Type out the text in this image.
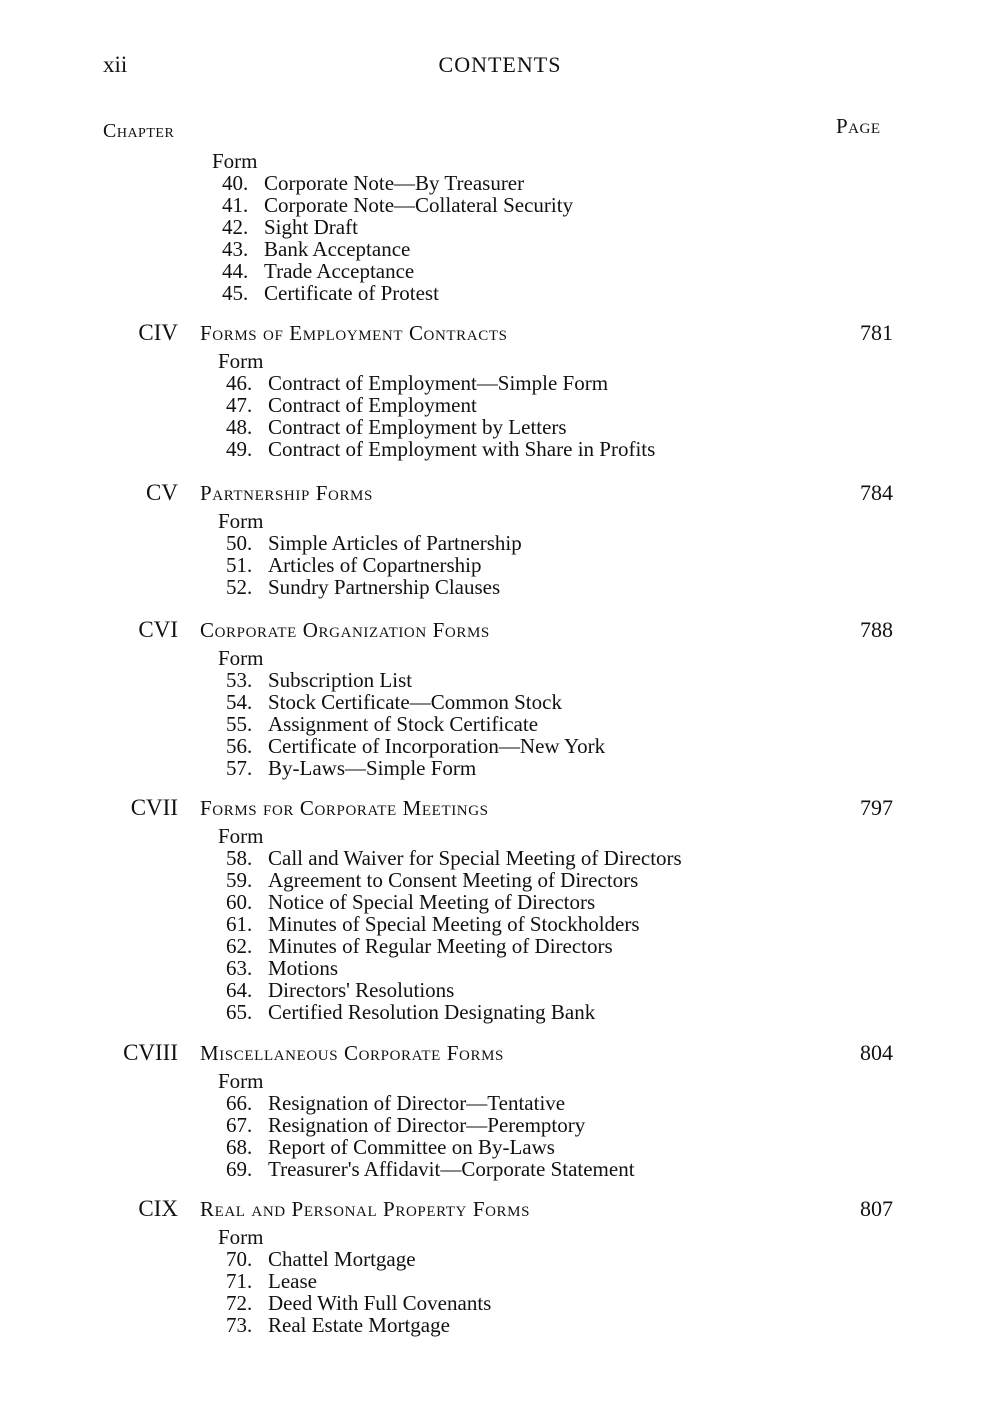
xii	CONTENTS
Chapter	Page
Form
40. Corporate Note—By Treasurer
41. Corporate Note—Collateral Security
42. Sight Draft
43. Bank Acceptance
44. Trade Acceptance
45. Certificate of Protest
CIV Forms of Employment Contracts	781
Form
46. Contract of Employment—Simple Form
47. Contract of Employment
48. Contract of Employment by Letters
49. Contract of Employment with Share in Profits
CV Partnership Forms	784
Form
50. Simple Articles of Partnership
51. Articles of Copartnership
52. Sundry Partnership Clauses
CVI Corporate Organization Forms	788
Form
53. Subscription List
54. Stock Certificate—Common Stock
55. Assignment of Stock Certificate
56. Certificate of Incorporation—New York
57. By-Laws—Simple Form
CVII Forms for Corporate Meetings	797
Form
58. Call and Waiver for Special Meeting of Directors
59. Agreement to Consent Meeting of Directors
60. Notice of Special Meeting of Directors
61. Minutes of Special Meeting of Stockholders
62. Minutes of Regular Meeting of Directors
63. Motions
64. Directors' Resolutions
65. Certified Resolution Designating Bank
CVIII Miscellaneous Corporate Forms	804
Form
66. Resignation of Director—Tentative
67. Resignation of Director—Peremptory
68. Report of Committee on By-Laws
69. Treasurer's Affidavit—Corporate Statement
CIX Real and Personal Property Forms	807
Form
70. Chattel Mortgage
71. Lease
72. Deed With Full Covenants
73. Real Estate Mortgage
